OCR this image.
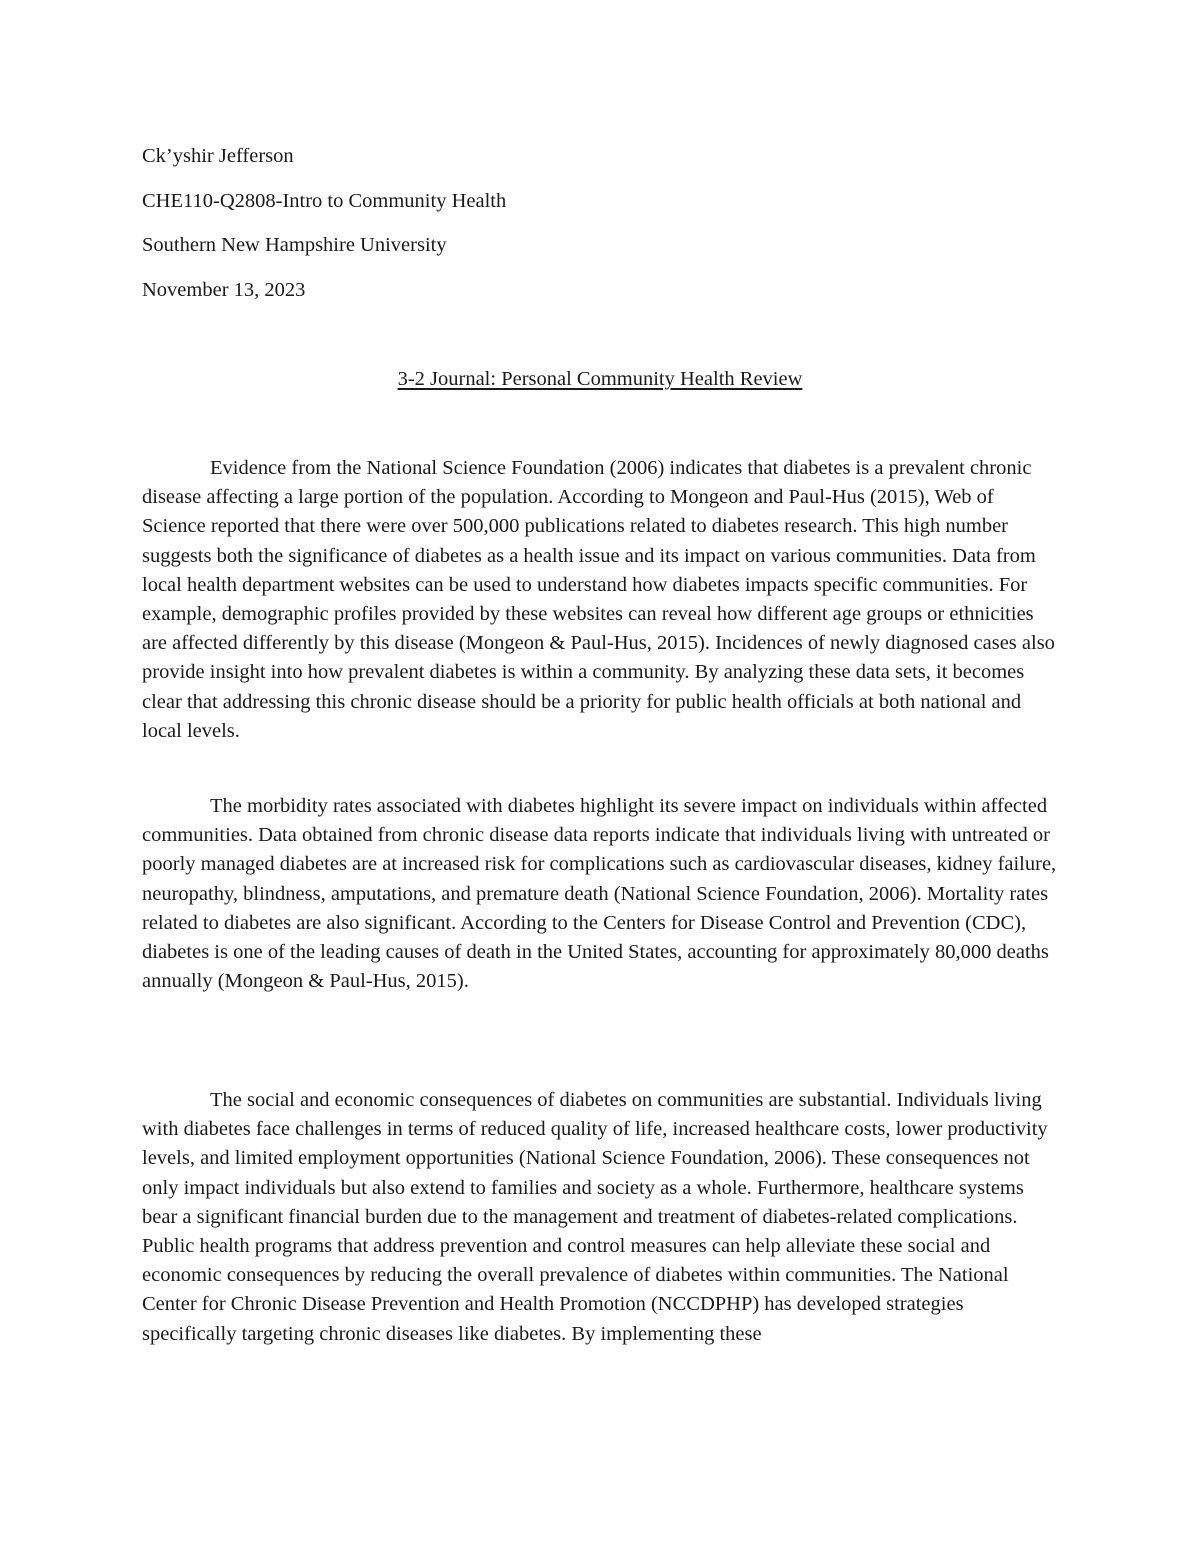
Ck’yshir Jefferson
CHE110-Q2808-Intro to Community Health
Southern New Hampshire University
November 13, 2023
3-2 Journal: Personal Community Health Review

Evidence from the National Science Foundation (2006) indicates that diabetes is a prevalent chronic disease affecting a large portion of the population. According to Mongeon and Paul-Hus (2015), Web of Science reported that there were over 500,000 publications related to diabetes research. This high number suggests both the significance of diabetes as a health issue and its impact on various communities. Data from local health department websites can be used to understand how diabetes impacts specific communities. For example, demographic profiles provided by these websites can reveal how different age groups or ethnicities are affected differently by this disease (Mongeon & Paul-Hus, 2015). Incidences of newly diagnosed cases also provide insight into how prevalent diabetes is within a community. By analyzing these data sets, it becomes clear that addressing this chronic disease should be a priority for public health officials at both national and local levels.

The morbidity rates associated with diabetes highlight its severe impact on individuals within affected communities. Data obtained from chronic disease data reports indicate that individuals living with untreated or poorly managed diabetes are at increased risk for complications such as cardiovascular diseases, kidney failure, neuropathy, blindness, amputations, and premature death (National Science Foundation, 2006). Mortality rates related to diabetes are also significant. According to the Centers for Disease Control and Prevention (CDC), diabetes is one of the leading causes of death in the United States, accounting for approximately 80,000 deaths annually (Mongeon & Paul-Hus, 2015).

The social and economic consequences of diabetes on communities are substantial. Individuals living with diabetes face challenges in terms of reduced quality of life, increased healthcare costs, lower productivity levels, and limited employment opportunities (National Science Foundation, 2006). These consequences not only impact individuals but also extend to families and society as a whole. Furthermore, healthcare systems bear a significant financial burden due to the management and treatment of diabetes-related complications. Public health programs that address prevention and control measures can help alleviate these social and economic consequences by reducing the overall prevalence of diabetes within communities. The National Center for Chronic Disease Prevention and Health Promotion (NCCDPHP) has developed strategies specifically targeting chronic diseases like diabetes. By implementing these
